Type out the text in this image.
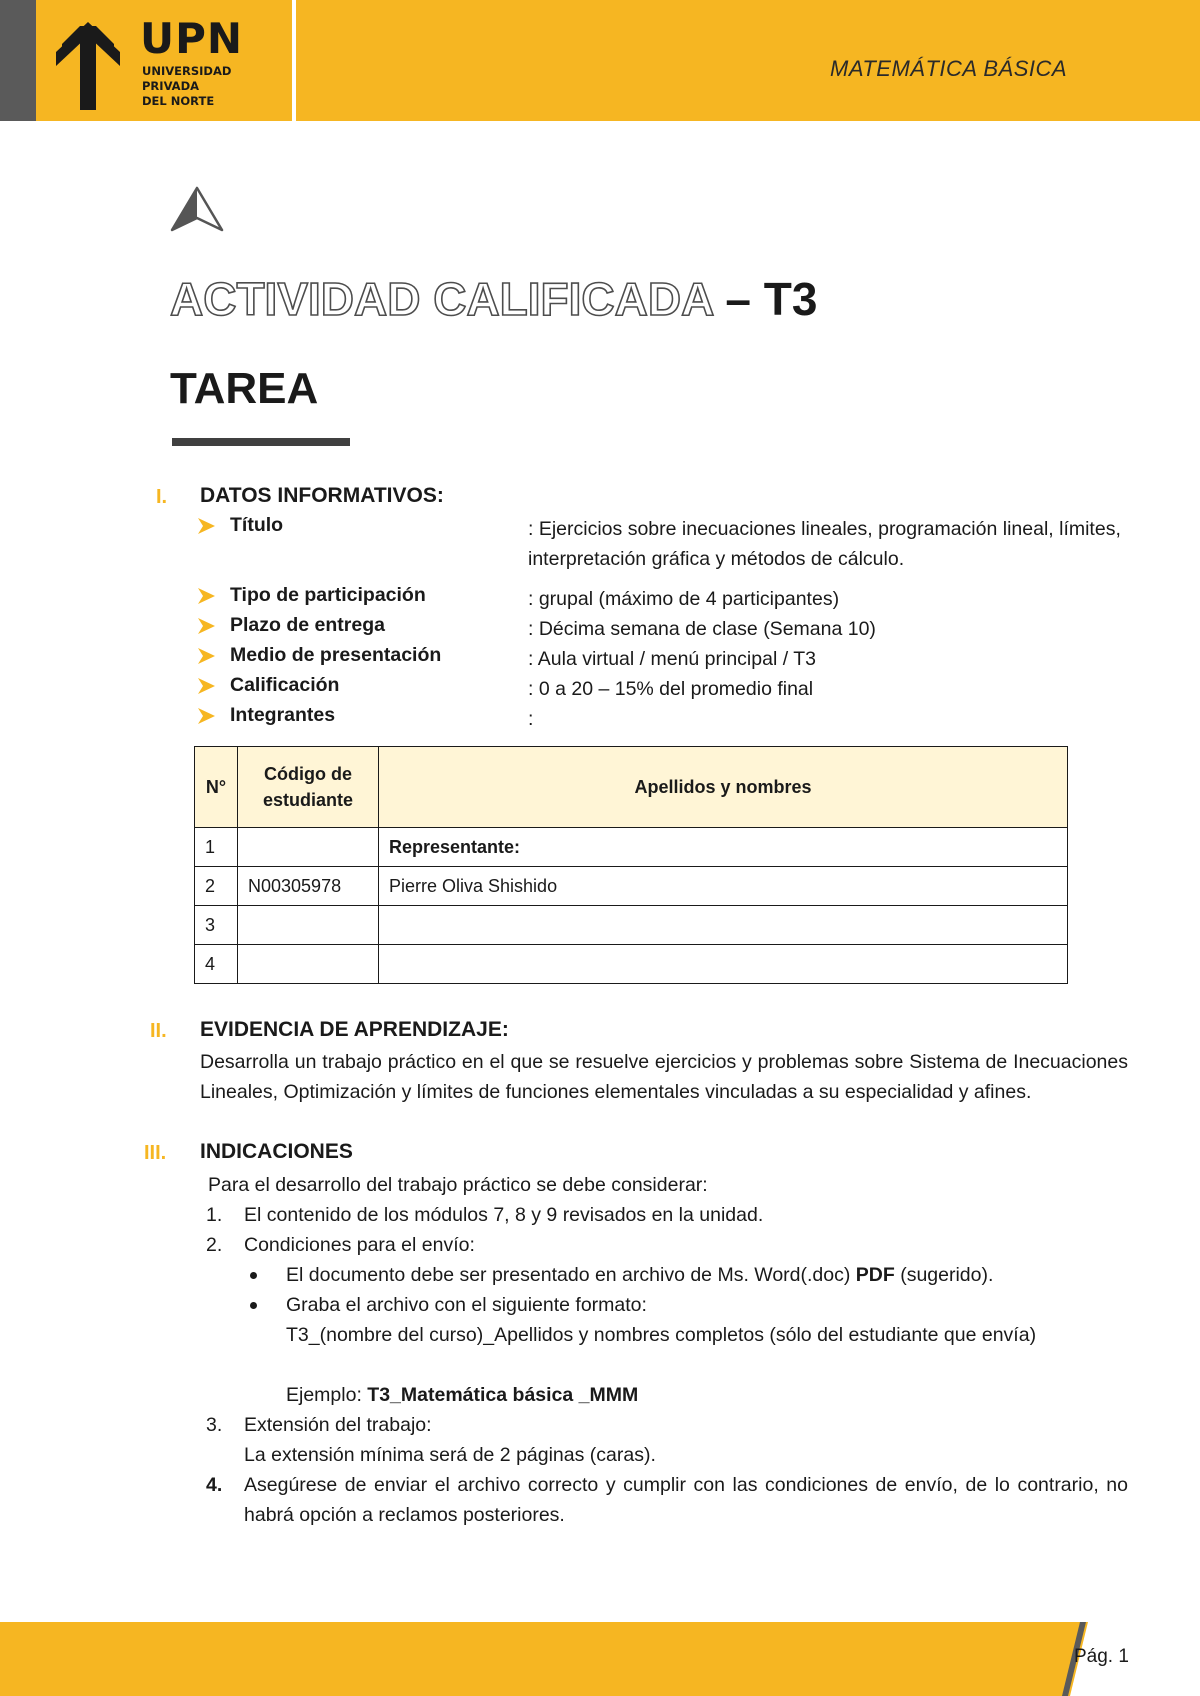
UPN
UNIVERSIDAD
PRIVADA
DEL NORTE
MATEMÁTICA BÁSICA
ACTIVIDAD CALIFICADA – T3
TAREA
I. DATOS INFORMATIVOS:
Título	: Ejercicios sobre inecuaciones lineales, programación lineal, límites, interpretación gráfica y métodos de cálculo.
Tipo de participación	: grupal (máximo de 4 participantes)
Plazo de entrega	: Décima semana de clase (Semana 10)
Medio de presentación	: Aula virtual / menú principal / T3
Calificación	: 0 a 20 – 15% del promedio final
Integrantes	:
N°	Código de estudiante	Apellidos y nombres
1		Representante:
2	N00305978	Pierre Oliva Shishido
3		
4		
II. EVIDENCIA DE APRENDIZAJE:
Desarrolla un trabajo práctico en el que se resuelve ejercicios y problemas sobre Sistema de Inecuaciones Lineales, Optimización y límites de funciones elementales vinculadas a su especialidad y afines.
III. INDICACIONES
Para el desarrollo del trabajo práctico se debe considerar:
1. El contenido de los módulos 7, 8 y 9 revisados en la unidad.
2. Condiciones para el envío:
El documento debe ser presentado en archivo de Ms. Word(.doc) PDF (sugerido).
Graba el archivo con el siguiente formato:
T3_(nombre del curso)_Apellidos y nombres completos (sólo del estudiante que envía)
Ejemplo: T3_Matemática básica _MMM
3. Extensión del trabajo:
La extensión mínima será de 2 páginas (caras).
4. Asegúrese de enviar el archivo correcto y cumplir con las condiciones de envío, de lo contrario, no habrá opción a reclamos posteriores.
Pág. 1
